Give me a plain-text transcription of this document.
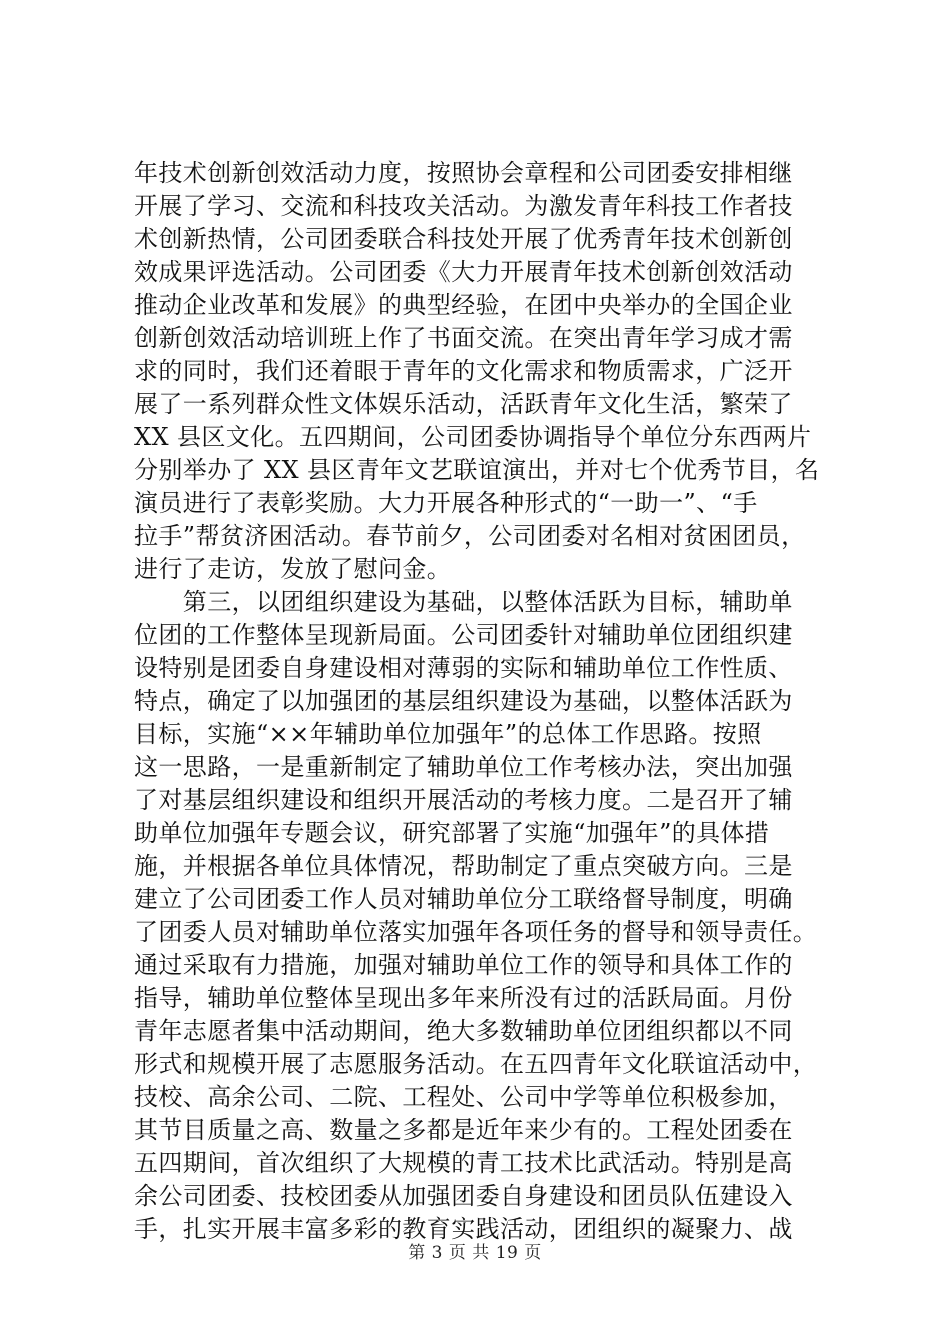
年技术创新创效活动力度，按照协会章程和公司团委安排相继
开展了学习、交流和科技攻关活动。为激发青年科技工作者技
术创新热情，公司团委联合科技处开展了优秀青年技术创新创
效成果评选活动。公司团委《大力开展青年技术创新创效活动
推动企业改革和发展》的典型经验，在团中央举办的全国企业
创新创效活动培训班上作了书面交流。在突出青年学习成才需
求的同时，我们还着眼于青年的文化需求和物质需求，广泛开
展了一系列群众性文体娱乐活动，活跃青年文化生活，繁荣了
XX 县区文化。五四期间，公司团委协调指导个单位分东西两片
分别举办了 XX 县区青年文艺联谊演出，并对七个优秀节目，名
演员进行了表彰奖励。大力开展各种形式的“一助一”、“手
拉手”帮贫济困活动。春节前夕，公司团委对名相对贫困团员，
进行了走访，发放了慰问金。
　　第三，以团组织建设为基础，以整体活跃为目标，辅助单
位团的工作整体呈现新局面。公司团委针对辅助单位团组织建
设特别是团委自身建设相对薄弱的实际和辅助单位工作性质、
特点，确定了以加强团的基层组织建设为基础，以整体活跃为
目标，实施“××年辅助单位加强年”的总体工作思路。按照
这一思路，一是重新制定了辅助单位工作考核办法，突出加强
了对基层组织建设和组织开展活动的考核力度。二是召开了辅
助单位加强年专题会议，研究部署了实施“加强年”的具体措
施，并根据各单位具体情况，帮助制定了重点突破方向。三是
建立了公司团委工作人员对辅助单位分工联络督导制度，明确
了团委人员对辅助单位落实加强年各项任务的督导和领导责任。
通过采取有力措施，加强对辅助单位工作的领导和具体工作的
指导，辅助单位整体呈现出多年来所没有过的活跃局面。月份
青年志愿者集中活动期间，绝大多数辅助单位团组织都以不同
形式和规模开展了志愿服务活动。在五四青年文化联谊活动中，
技校、高余公司、二院、工程处、公司中学等单位积极参加，
其节目质量之高、数量之多都是近年来少有的。工程处团委在
五四期间，首次组织了大规模的青工技术比武活动。特别是高
余公司团委、技校团委从加强团委自身建设和团员队伍建设入
手，扎实开展丰富多彩的教育实践活动，团组织的凝聚力、战
第 3 页 共 19 页
